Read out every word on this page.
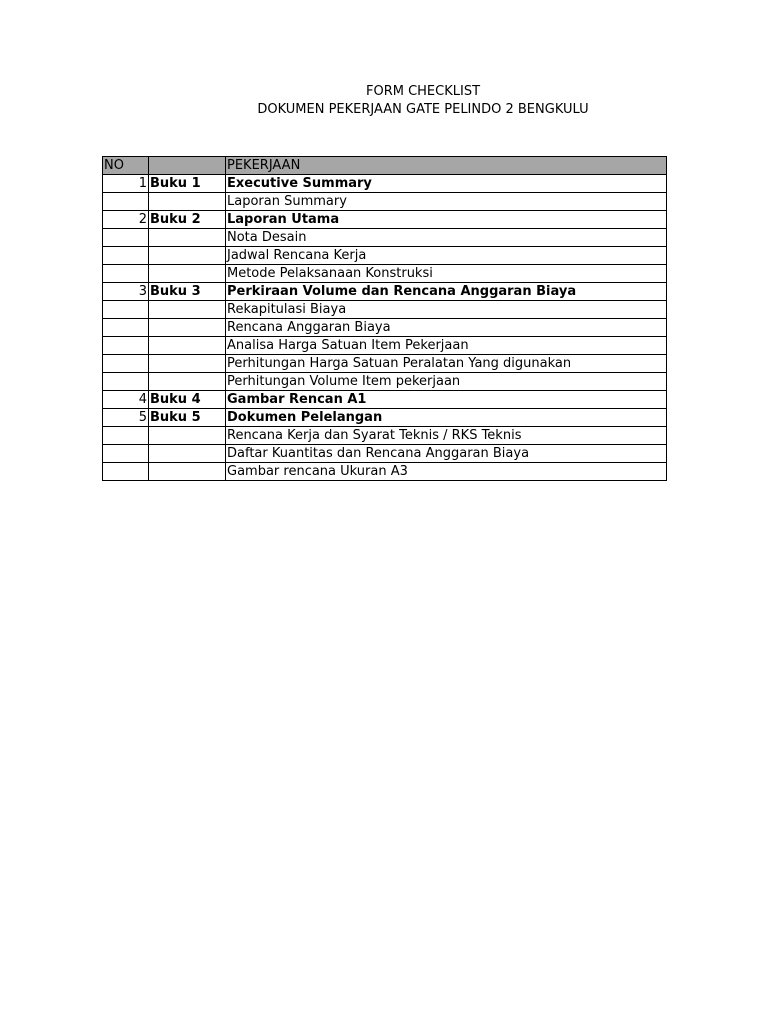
FORM CHECKLIST
DOKUMEN PEKERJAAN GATE PELINDO 2 BENGKULU
NO		PEKERJAAN
1	Buku 1	Executive Summary
		Laporan Summary
2	Buku 2	Laporan Utama
		Nota Desain
		Jadwal Rencana Kerja
		Metode Pelaksanaan Konstruksi
3	Buku 3	Perkiraan Volume dan Rencana Anggaran Biaya
		Rekapitulasi Biaya
		Rencana Anggaran Biaya
		Analisa Harga Satuan Item Pekerjaan
		Perhitungan Harga Satuan Peralatan Yang digunakan
		Perhitungan Volume Item pekerjaan
4	Buku 4	Gambar Rencan A1
5	Buku 5	Dokumen Pelelangan
		Rencana Kerja dan Syarat Teknis / RKS Teknis
		Daftar Kuantitas dan Rencana Anggaran Biaya
		Gambar rencana Ukuran A3
